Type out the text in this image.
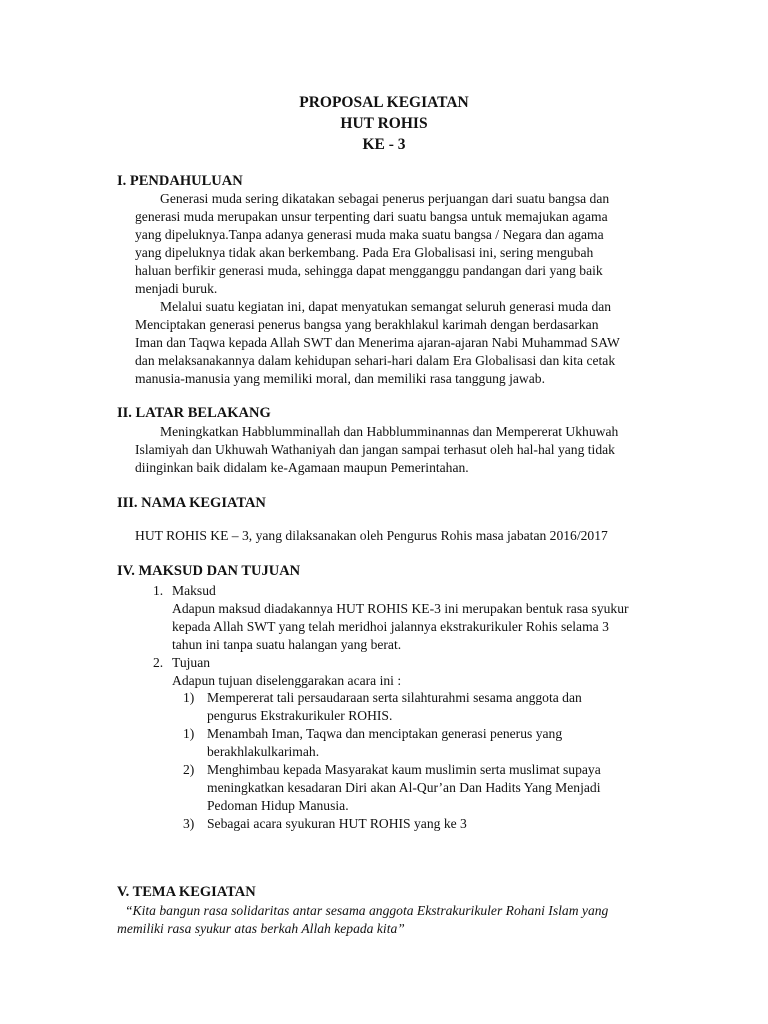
PROPOSAL KEGIATAN
HUT ROHIS
KE - 3
I. PENDAHULUAN
Generasi muda sering dikatakan sebagai penerus perjuangan dari suatu bangsa dan
generasi muda merupakan unsur terpenting dari suatu bangsa untuk memajukan agama
yang dipeluknya.Tanpa adanya generasi muda maka suatu bangsa / Negara dan agama
yang dipeluknya tidak akan berkembang. Pada Era Globalisasi ini, sering mengubah
haluan berfikir generasi muda, sehingga dapat mengganggu pandangan dari yang baik
menjadi buruk.
Melalui suatu kegiatan ini, dapat menyatukan semangat seluruh generasi muda dan
Menciptakan generasi penerus bangsa yang berakhlakul karimah dengan berdasarkan
Iman dan Taqwa kepada Allah SWT dan Menerima ajaran-ajaran Nabi Muhammad SAW
dan melaksanakannya dalam kehidupan sehari-hari dalam Era Globalisasi dan kita cetak
manusia-manusia yang memiliki moral, dan memiliki rasa tanggung jawab.
II. LATAR BELAKANG
Meningkatkan Habblumminallah dan Habblumminannas dan Mempererat Ukhuwah
Islamiyah dan Ukhuwah Wathaniyah dan jangan sampai terhasut oleh hal-hal yang tidak
diinginkan baik didalam ke-Agamaan maupun Pemerintahan.
III. NAMA KEGIATAN
HUT ROHIS KE – 3, yang dilaksanakan oleh Pengurus Rohis masa jabatan 2016/2017
IV. MAKSUD DAN TUJUAN
1. Maksud
Adapun maksud diadakannya HUT ROHIS KE-3 ini merupakan bentuk rasa syukur
kepada Allah SWT yang telah meridhoi jalannya ekstrakurikuler Rohis selama 3
tahun ini tanpa suatu halangan yang berat.
2. Tujuan
Adapun tujuan diselenggarakan acara ini :
1) Mempererat tali persaudaraan serta silahturahmi sesama anggota dan
pengurus Ekstrakurikuler ROHIS.
1) Menambah Iman, Taqwa dan menciptakan generasi penerus yang
berakhlakulkarimah.
2) Menghimbau kepada Masyarakat kaum muslimin serta muslimat supaya
meningkatkan kesadaran Diri akan Al-Qur’an Dan Hadits Yang Menjadi
Pedoman Hidup Manusia.
3) Sebagai acara syukuran HUT ROHIS yang ke 3
V. TEMA KEGIATAN
“Kita bangun rasa solidaritas antar sesama anggota Ekstrakurikuler Rohani Islam yang
memiliki rasa syukur atas berkah Allah kepada kita”
